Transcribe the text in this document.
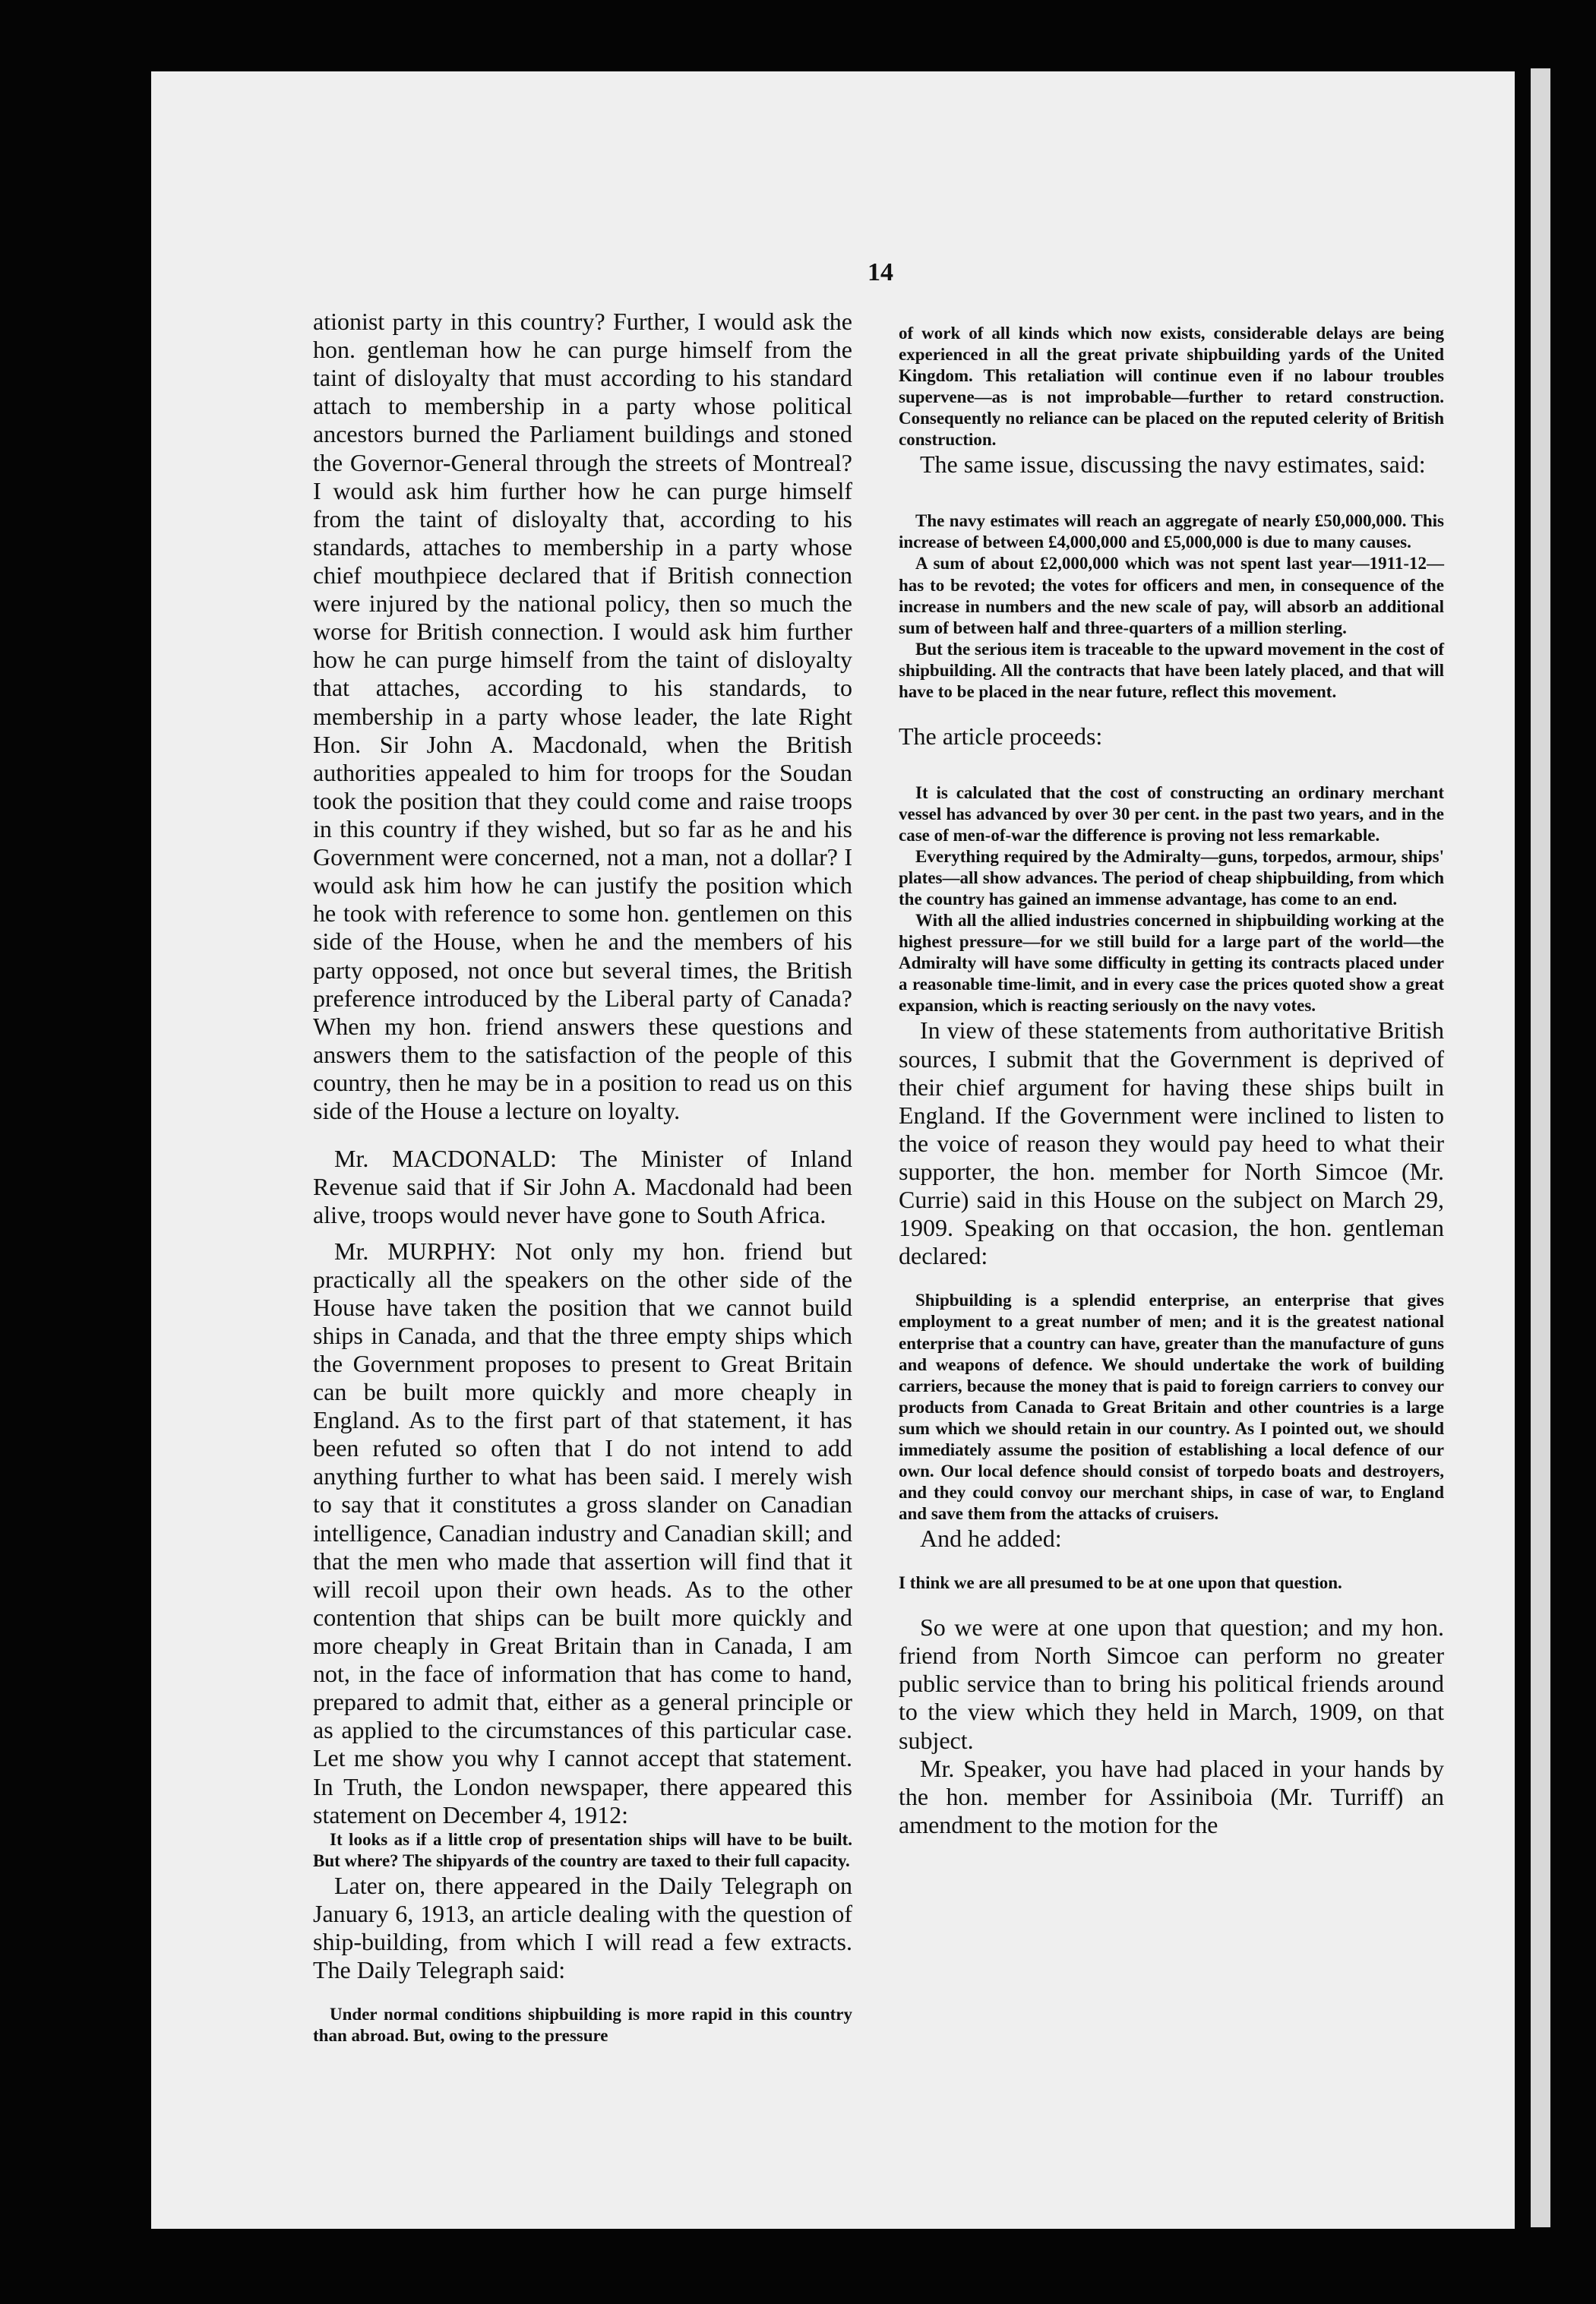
14

ationist party in this country? Further, I would ask the hon. gentleman how he can purge himself from the taint of disloyalty that must according to his standard attach to membership in a party whose political ancestors burned the Parliament buildings and stoned the Governor-General through the streets of Montreal? I would ask him further how he can purge himself from the taint of disloyalty that, according to his standards, attaches to membership in a party whose chief mouthpiece declared that if British connection were injured by the national policy, then so much the worse for British connection. I would ask him further how he can purge himself from the taint of disloyalty that attaches, according to his standards, to membership in a party whose leader, the late Right Hon. Sir John A. Macdonald, when the British authorities appealed to him for troops for the Soudan took the position that they could come and raise troops in this country if they wished, but so far as he and his Government were concerned, not a man, not a dollar? I would ask him how he can justify the position which he took with reference to some hon. gentlemen on this side of the House, when he and the members of his party opposed, not once but several times, the British preference introduced by the Liberal party of Canada? When my hon. friend answers these questions and answers them to the satisfaction of the people of this country, then he may be in a position to read us on this side of the House a lecture on loyalty.

Mr. MACDONALD: The Minister of Inland Revenue said that if Sir John A. Macdonald had been alive, troops would never have gone to South Africa.

Mr. MURPHY: Not only my hon. friend but practically all the speakers on the other side of the House have taken the position that we cannot build ships in Canada, and that the three empty ships which the Government proposes to present to Great Britain can be built more quickly and more cheaply in England. As to the first part of that statement, it has been refuted so often that I do not intend to add anything further to what has been said. I merely wish to say that it constitutes a gross slander on Canadian intelligence, Canadian industry and Canadian skill; and that the men who made that assertion will find that it will recoil upon their own heads. As to the other contention that ships can be built more quickly and more cheaply in Great Britain than in Canada, I am not, in the face of information that has come to hand, prepared to admit that, either as a general principle or as applied to the circumstances of this particular case. Let me show you why I cannot accept that statement. In Truth, the London newspaper, there appeared this statement on December 4, 1912:

It looks as if a little crop of presentation ships will have to be built. But where? The shipyards of the country are taxed to their full capacity.

Later on, there appeared in the Daily Telegraph on January 6, 1913, an article dealing with the question of ship-building, from which I will read a few extracts. The Daily Telegraph said:

Under normal conditions shipbuilding is more rapid in this country than abroad. But, owing to the pressure

of work of all kinds which now exists, considerable delays are being experienced in all the great private shipbuilding yards of the United Kingdom. This retaliation will continue even if no labour troubles supervene—as is not improbable—further to retard construction. Consequently no reliance can be placed on the reputed celerity of British construction.

The same issue, discussing the navy estimates, said:

The navy estimates will reach an aggregate of nearly £50,000,000. This increase of between £4,000,000 and £5,000,000 is due to many causes.

A sum of about £2,000,000 which was not spent last year—1911-12—has to be revoted; the votes for officers and men, in consequence of the increase in numbers and the new scale of pay, will absorb an additional sum of between half and three-quarters of a million sterling.

But the serious item is traceable to the upward movement in the cost of shipbuilding. All the contracts that have been lately placed, and that will have to be placed in the near future, reflect this movement.

The article proceeds:

It is calculated that the cost of constructing an ordinary merchant vessel has advanced by over 30 per cent. in the past two years, and in the case of men-of-war the difference is proving not less remarkable.

Everything required by the Admiralty—guns, torpedos, armour, ships' plates—all show advances. The period of cheap shipbuilding, from which the country has gained an immense advantage, has come to an end.

With all the allied industries concerned in shipbuilding working at the highest pressure—for we still build for a large part of the world—the Admiralty will have some difficulty in getting its contracts placed under a reasonable time-limit, and in every case the prices quoted show a great expansion, which is reacting seriously on the navy votes.

In view of these statements from authoritative British sources, I submit that the Government is deprived of their chief argument for having these ships built in England. If the Government were inclined to listen to the voice of reason they would pay heed to what their supporter, the hon. member for North Simcoe (Mr. Currie) said in this House on the subject on March 29, 1909. Speaking on that occasion, the hon. gentleman declared:

Shipbuilding is a splendid enterprise, an enterprise that gives employment to a great number of men; and it is the greatest national enterprise that a country can have, greater than the manufacture of guns and weapons of defence. We should undertake the work of building carriers, because the money that is paid to foreign carriers to convey our products from Canada to Great Britain and other countries is a large sum which we should retain in our country. As I pointed out, we should immediately assume the position of establishing a local defence of our own. Our local defence should consist of torpedo boats and destroyers, and they could convoy our merchant ships, in case of war, to England and save them from the attacks of cruisers.

And he added:

I think we are all presumed to be at one upon that question.

So we were at one upon that question; and my hon. friend from North Simcoe can perform no greater public service than to bring his political friends around to the view which they held in March, 1909, on that subject.

Mr. Speaker, you have had placed in your hands by the hon. member for Assiniboia (Mr. Turriff) an amendment to the motion for the
